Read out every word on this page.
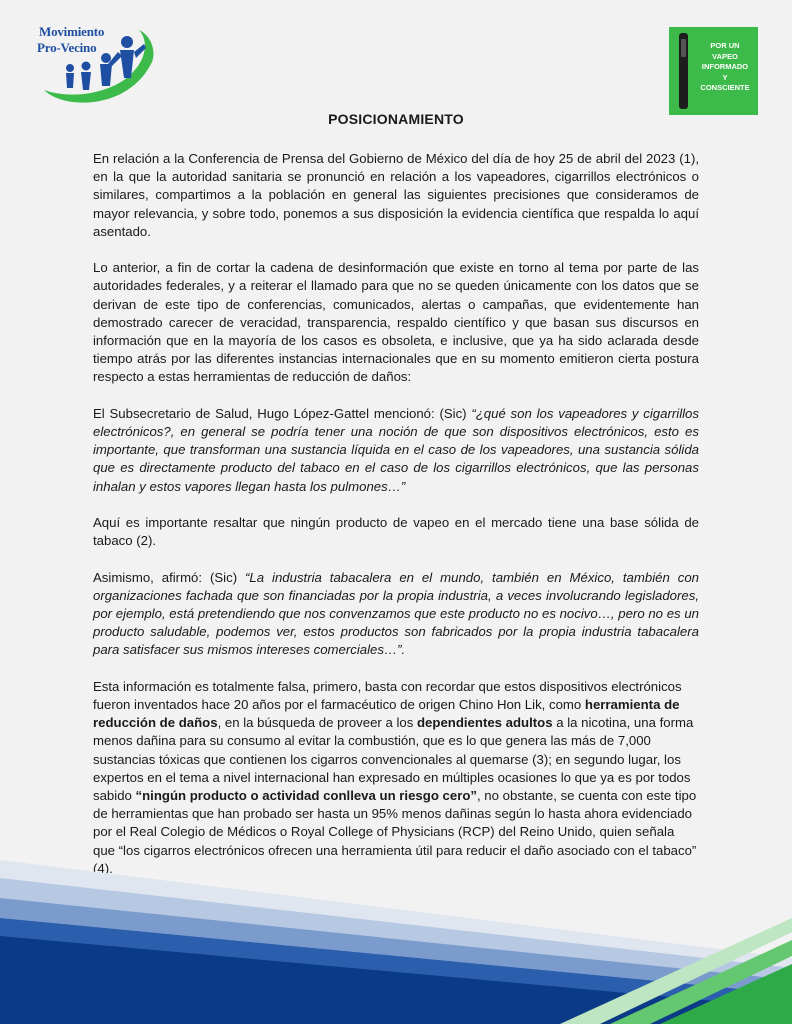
Movimiento
Pro-Vecino	POR UN
VAPEO
INFORMADO
Y
CONSCIENTE
POSICIONAMIENTO

En relación a la Conferencia de Prensa del Gobierno de México del día de hoy 25 de abril del 2023 (1), en la que la autoridad sanitaria se pronunció en relación a los vapeadores, cigarrillos electrónicos o similares, compartimos a la población en general las siguientes precisiones que consideramos de mayor relevancia, y sobre todo, ponemos a sus disposición la evidencia científica que respalda lo aquí asentado.

Lo anterior, a fin de cortar la cadena de desinformación que existe en torno al tema por parte de las autoridades federales, y a reiterar el llamado para que no se queden únicamente con los datos que se derivan de este tipo de conferencias, comunicados, alertas o campañas, que evidentemente han demostrado carecer de veracidad, transparencia, respaldo científico y que basan sus discursos en información que en la mayoría de los casos es obsoleta, e inclusive, que ya ha sido aclarada desde tiempo atrás por las diferentes instancias internacionales que en su momento emitieron cierta postura respecto a estas herramientas de reducción de daños:

El Subsecretario de Salud, Hugo López-Gattel mencionó: (Sic) “¿qué son los vapeadores y cigarrillos electrónicos?, en general se podría tener una noción de que son dispositivos electrónicos, esto es importante, que transforman una sustancia líquida en el caso de los vapeadores, una sustancia sólida que es directamente producto del tabaco en el caso de los cigarrillos electrónicos, que las personas inhalan y estos vapores llegan hasta los pulmones…”

Aquí es importante resaltar que ningún producto de vapeo en el mercado tiene una base sólida de tabaco (2).

Asimismo, afirmó: (Sic) “La industria tabacalera en el mundo, también en México, también con organizaciones fachada que son financiadas por la propia industria, a veces involucrando legisladores, por ejemplo, está pretendiendo que nos convenzamos que este producto no es nocivo…, pero no es un producto saludable, podemos ver, estos productos son fabricados por la propia industria tabacalera para satisfacer sus mismos intereses comerciales…”.

Esta información es totalmente falsa, primero, basta con recordar que estos dispositivos electrónicos fueron inventados hace 20 años por el farmacéutico de origen Chino Hon Lik, como herramienta de reducción de daños, en la búsqueda de proveer a los dependientes adultos a la nicotina, una forma menos dañina para su consumo al evitar la combustión, que es lo que genera las más de 7,000 sustancias tóxicas que contienen los cigarros convencionales al quemarse (3); en segundo lugar, los expertos en el tema a nivel internacional han expresado en múltiples ocasiones lo que ya es por todos sabido “ningún producto o actividad conlleva un riesgo cero”, no obstante, se cuenta con este tipo de herramientas que han probado ser hasta un 95% menos dañinas según lo hasta ahora evidenciado por el Real Colegio de Médicos o Royal College of Physicians (RCP) del Reino Unido, quien señala que “los cigarros electrónicos ofrecen una herramienta útil para reducir el daño asociado con el tabaco” (4).
